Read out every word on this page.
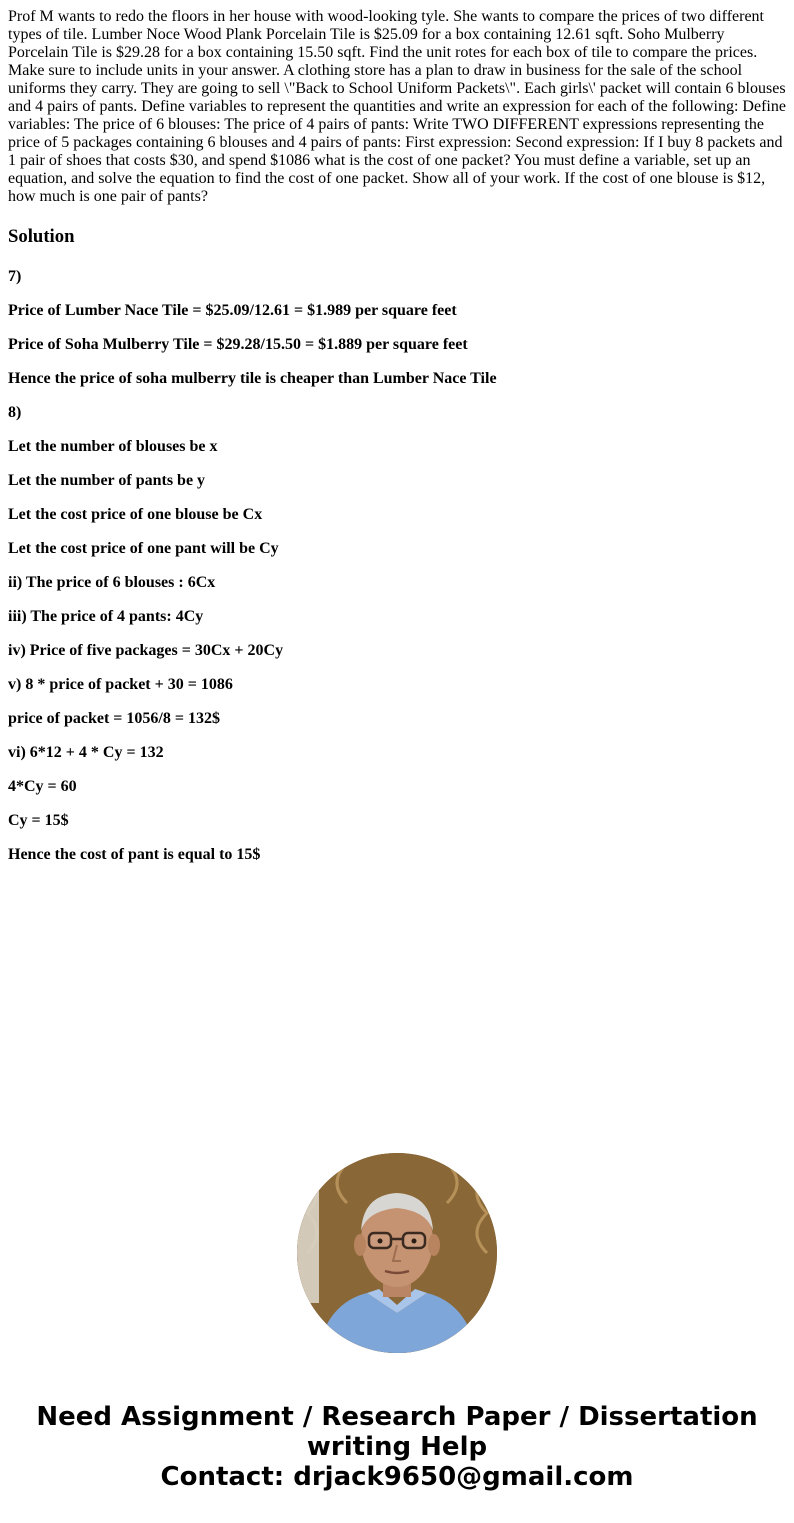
Prof M wants to redo the floors in her house with wood-looking tyle. She wants to compare the prices of two different types of tile. Lumber Noce Wood Plank Porcelain Tile is $25.09 for a box containing 12.61 sqft. Soho Mulberry Porcelain Tile is $29.28 for a box containing 15.50 sqft. Find the unit rotes for each box of tile to compare the prices. Make sure to include units in your answer. A clothing store has a plan to draw in business for the sale of the school uniforms they carry. They are going to sell \"Back to School Uniform Packets\". Each girls\' packet will contain 6 blouses and 4 pairs of pants. Define variables to represent the quantities and write an expression for each of the following: Define variables: The price of 6 blouses: The price of 4 pairs of pants: Write TWO DIFFERENT expressions representing the price of 5 packages containing 6 blouses and 4 pairs of pants: First expression: Second expression: If I buy 8 packets and 1 pair of shoes that costs $30, and spend $1086 what is the cost of one packet? You must define a variable, set up an equation, and solve the equation to find the cost of one packet. Show all of your work. If the cost of one blouse is $12, how much is one pair of pants?

Solution

7)

Price of Lumber Nace Tile = $25.09/12.61 = $1.989 per square feet

Price of Soha Mulberry Tile = $29.28/15.50 = $1.889 per square feet

Hence the price of soha mulberry tile is cheaper than Lumber Nace Tile

8)

Let the number of blouses be x

Let the number of pants be y

Let the cost price of one blouse be Cx

Let the cost price of one pant will be Cy

ii) The price of 6 blouses : 6Cx

iii) The price of 4 pants: 4Cy

iv) Price of five packages = 30Cx + 20Cy

v) 8 * price of packet + 30 = 1086

price of packet = 1056/8 = 132$

vi) 6*12 + 4 * Cy = 132

4*Cy = 60

Cy = 15$

Hence the cost of pant is equal to 15$

Need Assignment / Research Paper / Dissertation
writing Help
Contact: drjack9650@gmail.com
